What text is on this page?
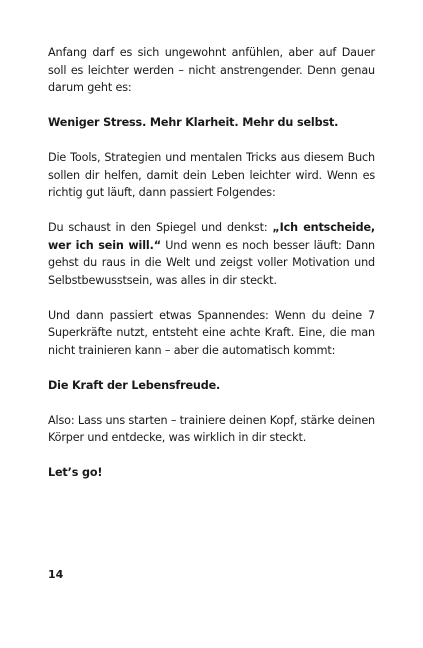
Anfang darf es sich ungewohnt anfühlen, aber auf Dauer soll es leichter werden – nicht anstrengender. Denn genau darum geht es:

Weniger Stress. Mehr Klarheit. Mehr du selbst.

Die Tools, Strategien und mentalen Tricks aus diesem Buch sollen dir helfen, damit dein Leben leichter wird. Wenn es richtig gut läuft, dann passiert Folgendes:

Du schaust in den Spiegel und denkst: „Ich entscheide, wer ich sein will.“ Und wenn es noch besser läuft: Dann gehst du raus in die Welt und zeigst voller Motivation und Selbstbewusstsein, was alles in dir steckt.

Und dann passiert etwas Spannendes: Wenn du deine 7 Superkräfte nutzt, entsteht eine achte Kraft. Eine, die man nicht trainieren kann – aber die automatisch kommt:

Die Kraft der Lebensfreude.

Also: Lass uns starten – trainiere deinen Kopf, stärke deinen Körper und entdecke, was wirklich in dir steckt.

Let’s go!

14
